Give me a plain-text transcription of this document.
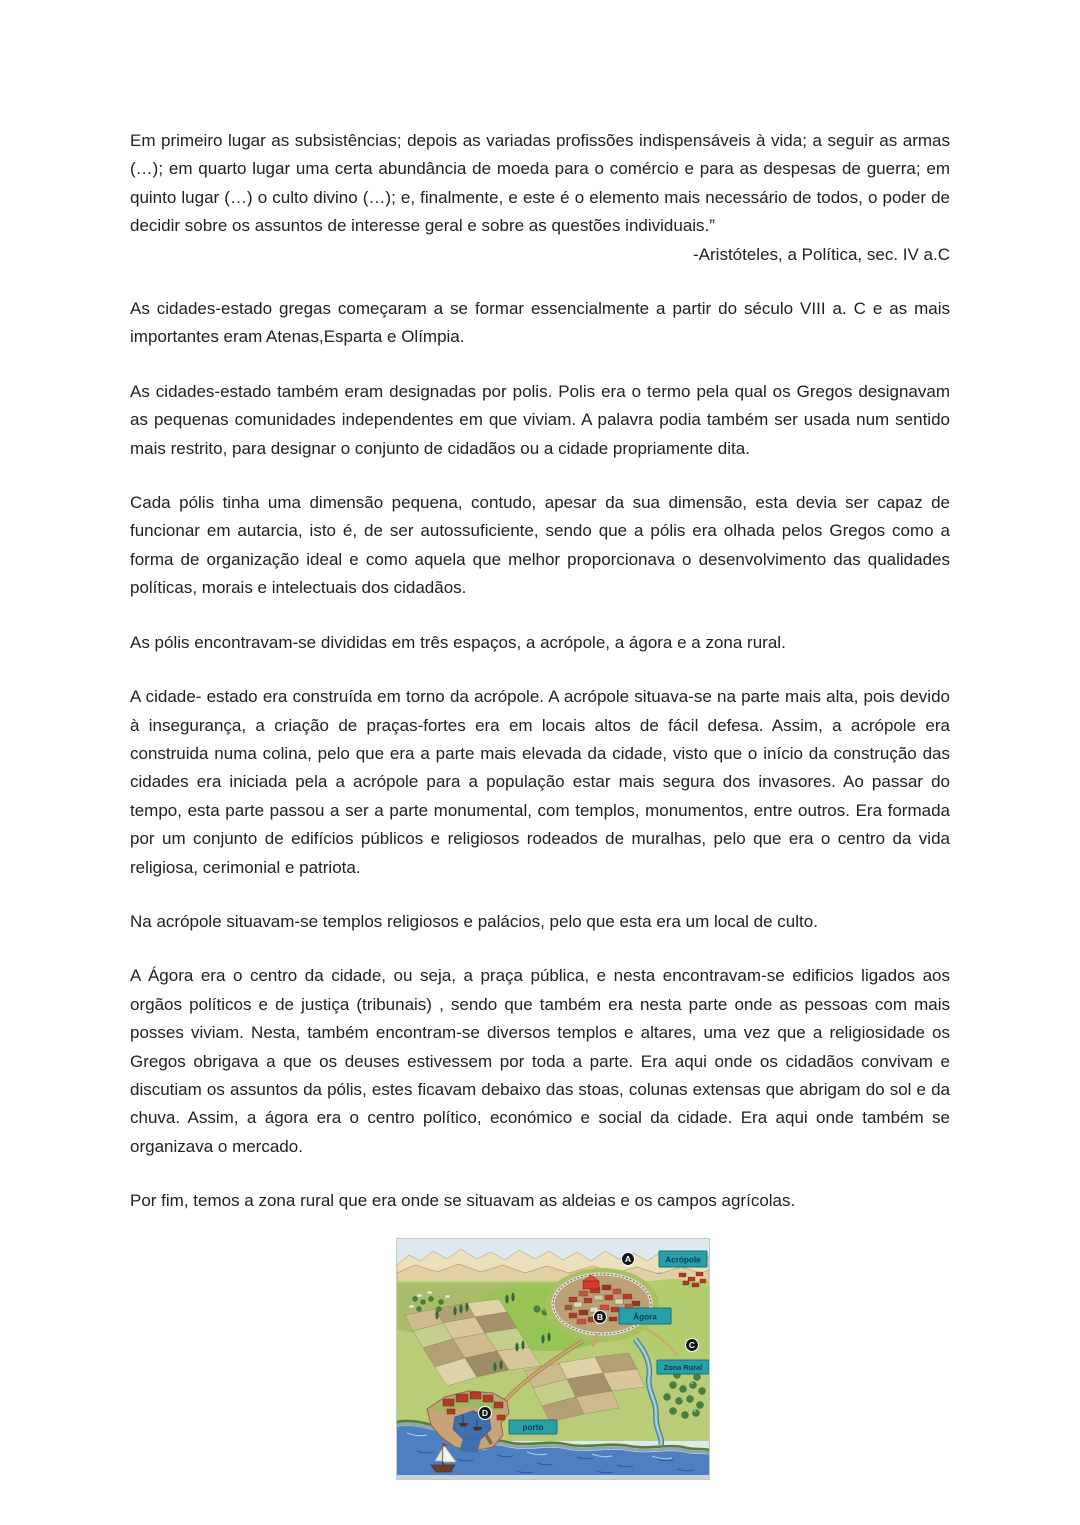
Em primeiro lugar as subsistências; depois as variadas profissões indispensáveis à vida; a seguir as armas (…); em quarto lugar uma certa abundância de moeda para o comércio e para as despesas de guerra; em quinto lugar (…) o culto divino (…); e, finalmente, e este é o elemento mais necessário de todos, o poder de decidir sobre os assuntos de interesse geral e sobre as questões individuais.”

-Aristóteles, a Política, sec. IV a.C

As cidades-estado gregas começaram a se formar essencialmente a partir do século VIII a. C e as mais importantes eram Atenas,Esparta e Olímpia.

As cidades-estado também eram designadas por polis. Polis era o termo pela qual os Gregos designavam as pequenas comunidades independentes em que viviam. A palavra podia também ser usada num sentido mais restrito, para designar o conjunto de cidadãos ou a cidade propriamente dita.

Cada pólis tinha uma dimensão pequena, contudo, apesar da sua dimensão, esta devia ser capaz de funcionar em autarcia, isto é, de ser autossuficiente, sendo que a pólis era olhada pelos Gregos como a forma de organização ideal e como aquela que melhor proporcionava o desenvolvimento das qualidades políticas, morais e intelectuais dos cidadãos.

As pólis encontravam-se divididas em três espaços, a acrópole, a ágora e a zona rural.

A cidade- estado era construída em torno da acrópole. A acrópole situava-se na parte mais alta, pois devido à insegurança, a criação de praças-fortes era em locais altos de fácil defesa. Assim, a acrópole era construida numa colina, pelo que era a parte mais elevada da cidade, visto que o início da construção das cidades era iniciada pela a acrópole para a população estar mais segura dos invasores. Ao passar do tempo, esta parte passou a ser a parte monumental, com templos, monumentos, entre outros. Era formada por um conjunto de edifícios públicos e religiosos rodeados de muralhas, pelo que era o centro da vida religiosa, cerimonial e patriota.

Na acrópole situavam-se templos religiosos e palácios, pelo que esta era um local de culto.

A Ágora era o centro da cidade, ou seja, a praça pública, e nesta encontravam-se edificios ligados aos orgãos políticos e de justiça (tribunais) , sendo que também era nesta parte onde as pessoas com mais posses viviam. Nesta, também encontram-se diversos templos e altares, uma vez que a religiosidade os Gregos obrigava a que os deuses estivessem por toda a parte. Era aqui onde os cidadãos convivam e discutiam os assuntos da pólis, estes ficavam debaixo das stoas, colunas extensas que abrigam do sol e da chuva. Assim, a ágora era o centro político, económico e social da cidade. Era aqui onde também se organizava o mercado.

Por fim, temos a zona rural que era onde se situavam as aldeias e os campos agrícolas.

Acrópole
A
Ágora
B
C
Zona Rural
D
porto
